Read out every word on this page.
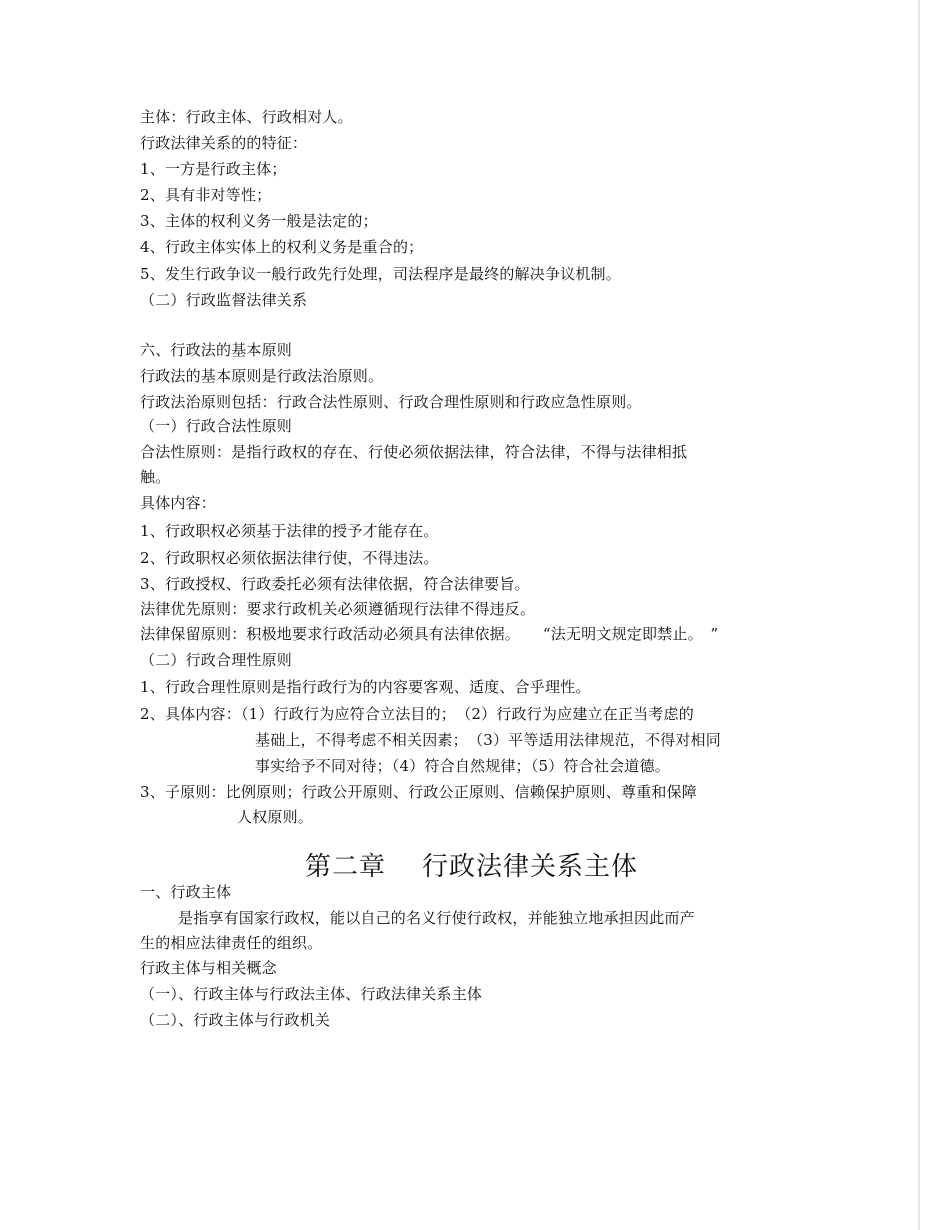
主体：行政主体、行政相对人。
行政法律关系的的特征：
1、一方是行政主体；
2、具有非对等性；
3、主体的权利义务一般是法定的；
4、行政主体实体上的权利义务是重合的；
5、发生行政争议一般行政先行处理，司法程序是最终的解决争议机制。
（二）行政监督法律关系
六、行政法的基本原则
行政法的基本原则是行政法治原则。
行政法治原则包括：行政合法性原则、行政合理性原则和行政应急性原则。
（一）行政合法性原则
合法性原则：是指行政权的存在、行使必须依据法律，符合法律，不得与法律相抵
触。
具体内容：
1、行政职权必须基于法律的授予才能存在。
2、行政职权必须依据法律行使，不得违法。
3、行政授权、行政委托必须有法律依据，符合法律要旨。
法律优先原则：要求行政机关必须遵循现行法律不得违反。
法律保留原则：积极地要求行政活动必须具有法律依据。　　“法无明文规定即禁止。　”
（二）行政合理性原则
1、行政合理性原则是指行政行为的内容要客观、适度、合乎理性。
2、具体内容：（1）行政行为应符合立法目的；　（2）行政行为应建立在正当考虑的
基础上，不得考虑不相关因素；　（3）平等适用法律规范，不得对相同
事实给予不同对待；（4）符合自然规律；（5）符合社会道德。
3、子原则：比例原则；行政公开原则、行政公正原则、信赖保护原则、尊重和保障
人权原则。
第二章 行政法律关系主体
一、行政主体
是指享有国家行政权，能以自己的名义行使行政权，并能独立地承担因此而产
生的相应法律责任的组织。
行政主体与相关概念
（一）、行政主体与行政法主体、行政法律关系主体
（二）、行政主体与行政机关
